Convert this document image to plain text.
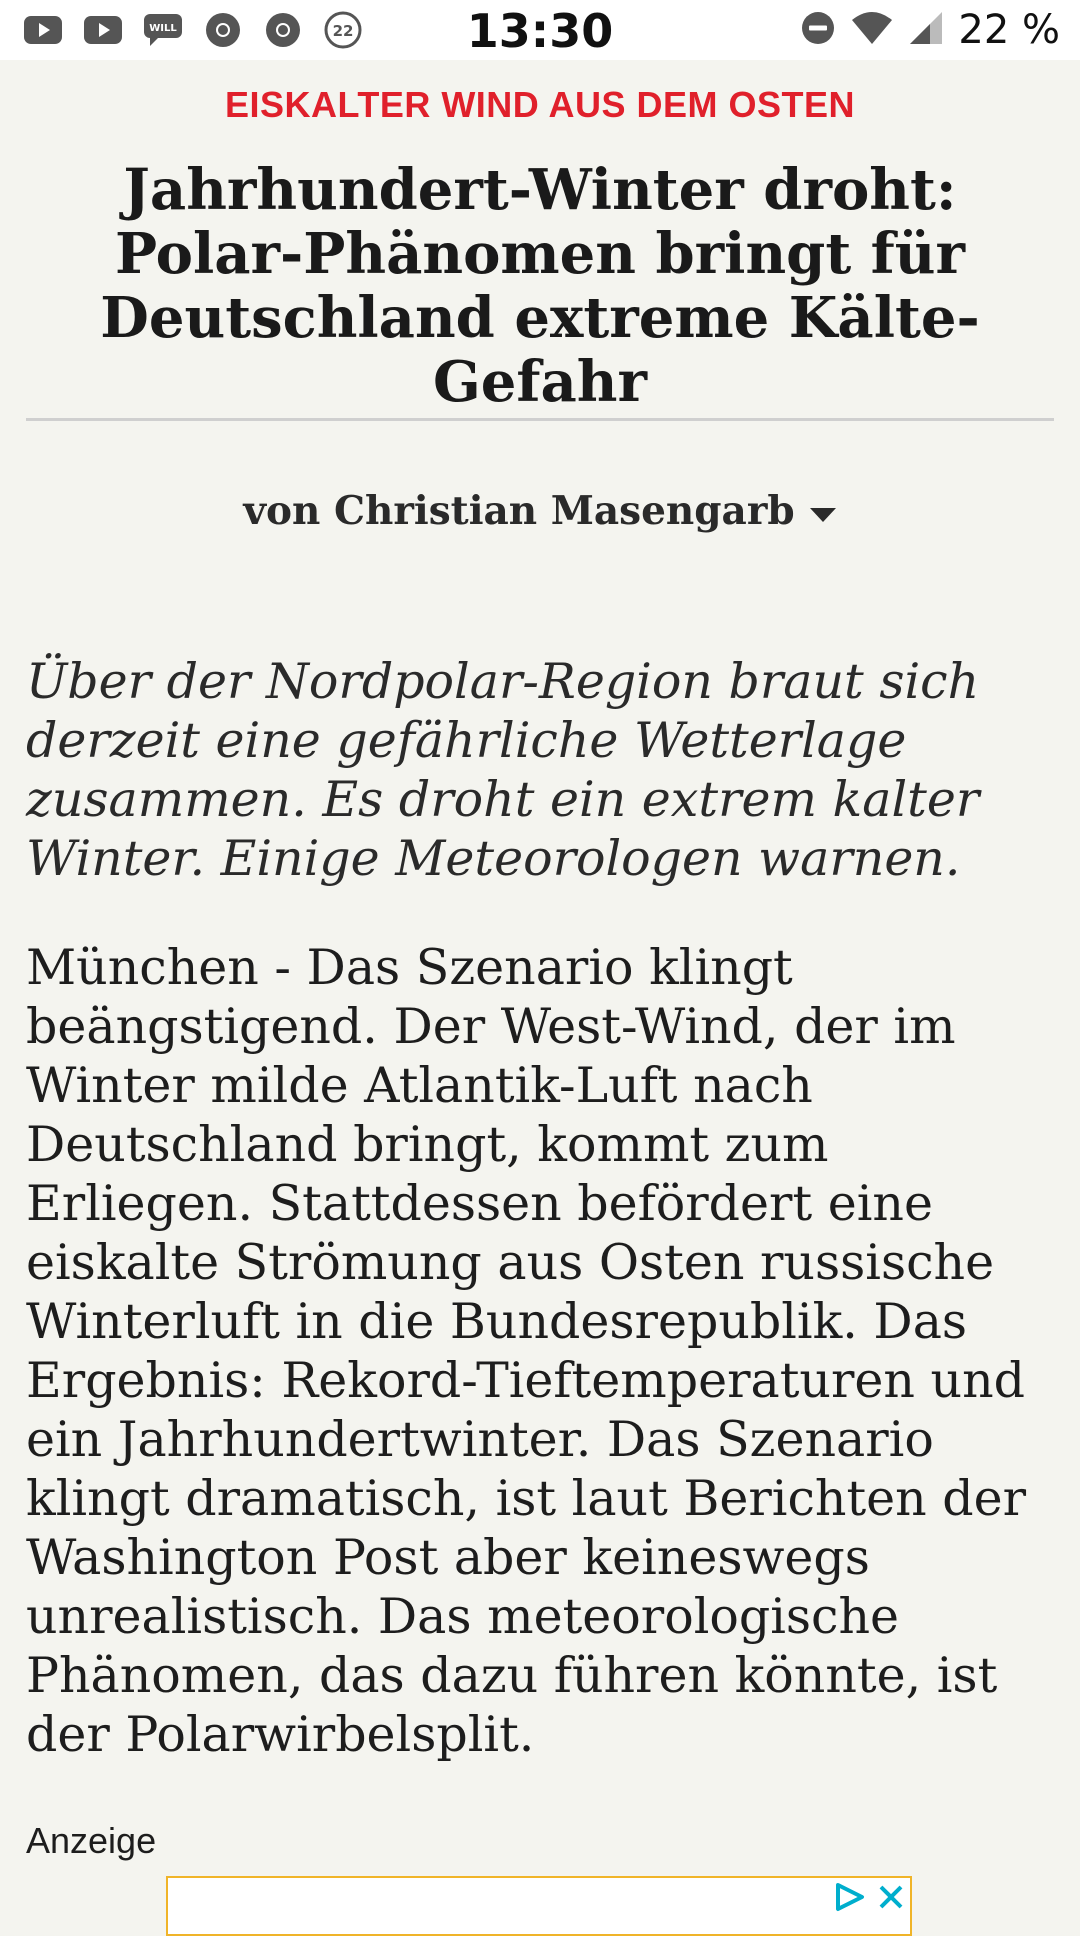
WILL	22	13:30	22 %
EISKALTER WIND AUS DEM OSTEN
Jahrhundert-Winter droht: Polar-Phänomen bringt für Deutschland extreme Kälte-Gefahr
von Christian Masengarb

Über der Nordpolar-Region braut sich derzeit eine gefährliche Wetterlage zusammen. Es droht ein extrem kalter Winter. Einige Meteorologen warnen.

München - Das Szenario klingt beängstigend. Der West-Wind, der im Winter milde Atlantik-Luft nach Deutschland bringt, kommt zum Erliegen. Stattdessen befördert eine eiskalte Strömung aus Osten russische Winterluft in die Bundesrepublik. Das Ergebnis: Rekord-Tieftemperaturen und ein Jahrhundertwinter. Das Szenario klingt dramatisch, ist laut Berichten der Washington Post aber keineswegs unrealistisch. Das meteorologische Phänomen, das dazu führen könnte, ist der Polarwirbelsplit.

Anzeige
